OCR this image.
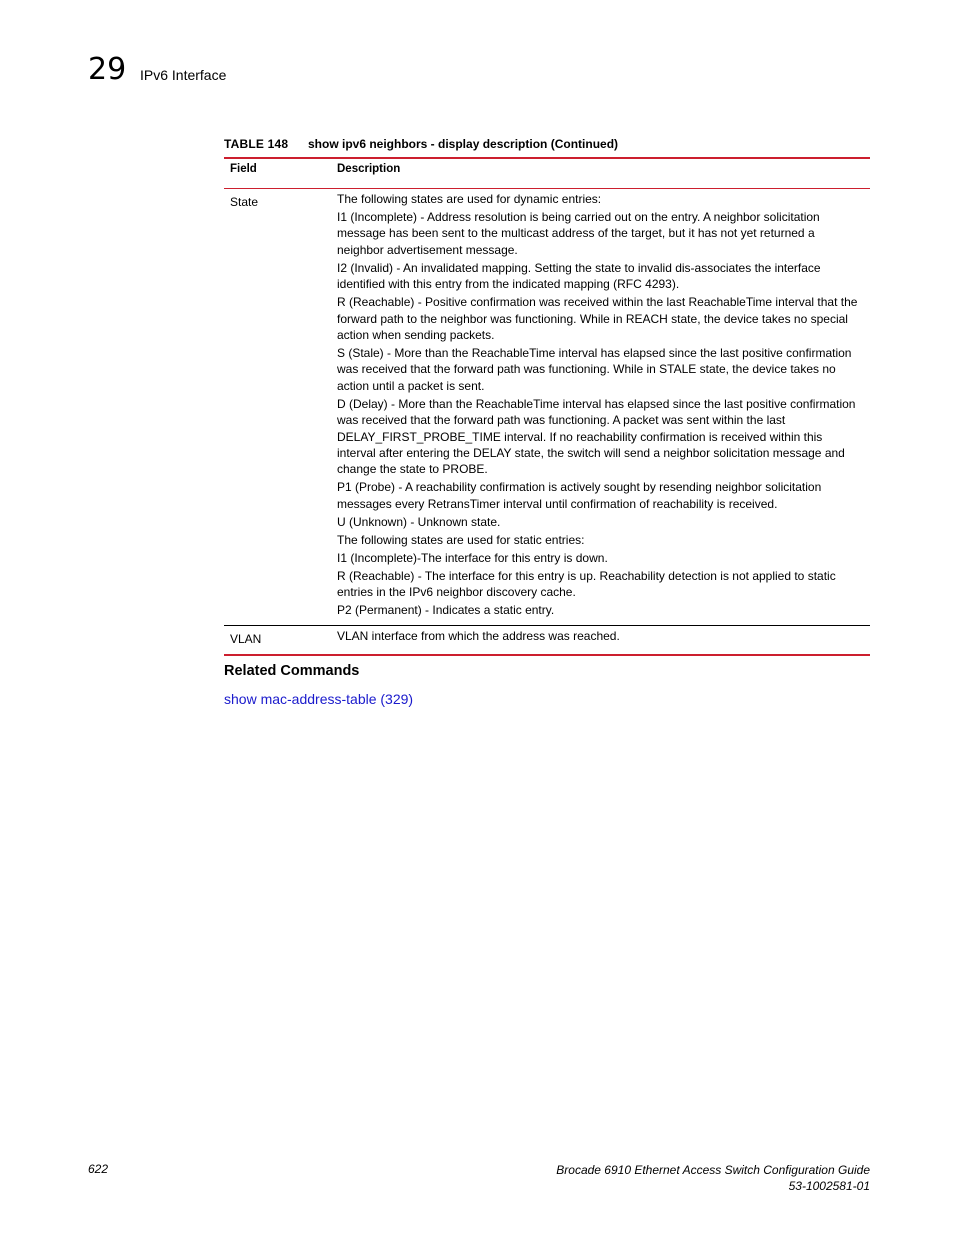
29 IPv6 Interface
TABLE 148 show ipv6 neighbors - display description (Continued)
Field	Description
State	The following states are used for dynamic entries:

I1 (Incomplete) - Address resolution is being carried out on the entry. A neighbor solicitation message has been sent to the multicast address of the target, but it has not yet returned a neighbor advertisement message.

I2 (Invalid) - An invalidated mapping. Setting the state to invalid dis-associates the interface identified with this entry from the indicated mapping (RFC 4293).

R (Reachable) - Positive confirmation was received within the last ReachableTime interval that the forward path to the neighbor was functioning. While in REACH state, the device takes no special action when sending packets.

S (Stale) - More than the ReachableTime interval has elapsed since the last positive confirmation was received that the forward path was functioning. While in STALE state, the device takes no action until a packet is sent.

D (Delay) - More than the ReachableTime interval has elapsed since the last positive confirmation was received that the forward path was functioning. A packet was sent within the last DELAY_FIRST_PROBE_TIME interval. If no reachability confirmation is received within this interval after entering the DELAY state, the switch will send a neighbor solicitation message and change the state to PROBE.

P1 (Probe) - A reachability confirmation is actively sought by resending neighbor solicitation messages every RetransTimer interval until confirmation of reachability is received.

U (Unknown) - Unknown state.

The following states are used for static entries:

I1 (Incomplete)-The interface for this entry is down.

R (Reachable) - The interface for this entry is up. Reachability detection is not applied to static entries in the IPv6 neighbor discovery cache.

P2 (Permanent) - Indicates a static entry.

VLAN	VLAN interface from which the address was reached.

Related Commands
show mac-address-table (329)
622	Brocade 6910 Ethernet Access Switch Configuration Guide
53-1002581-01
